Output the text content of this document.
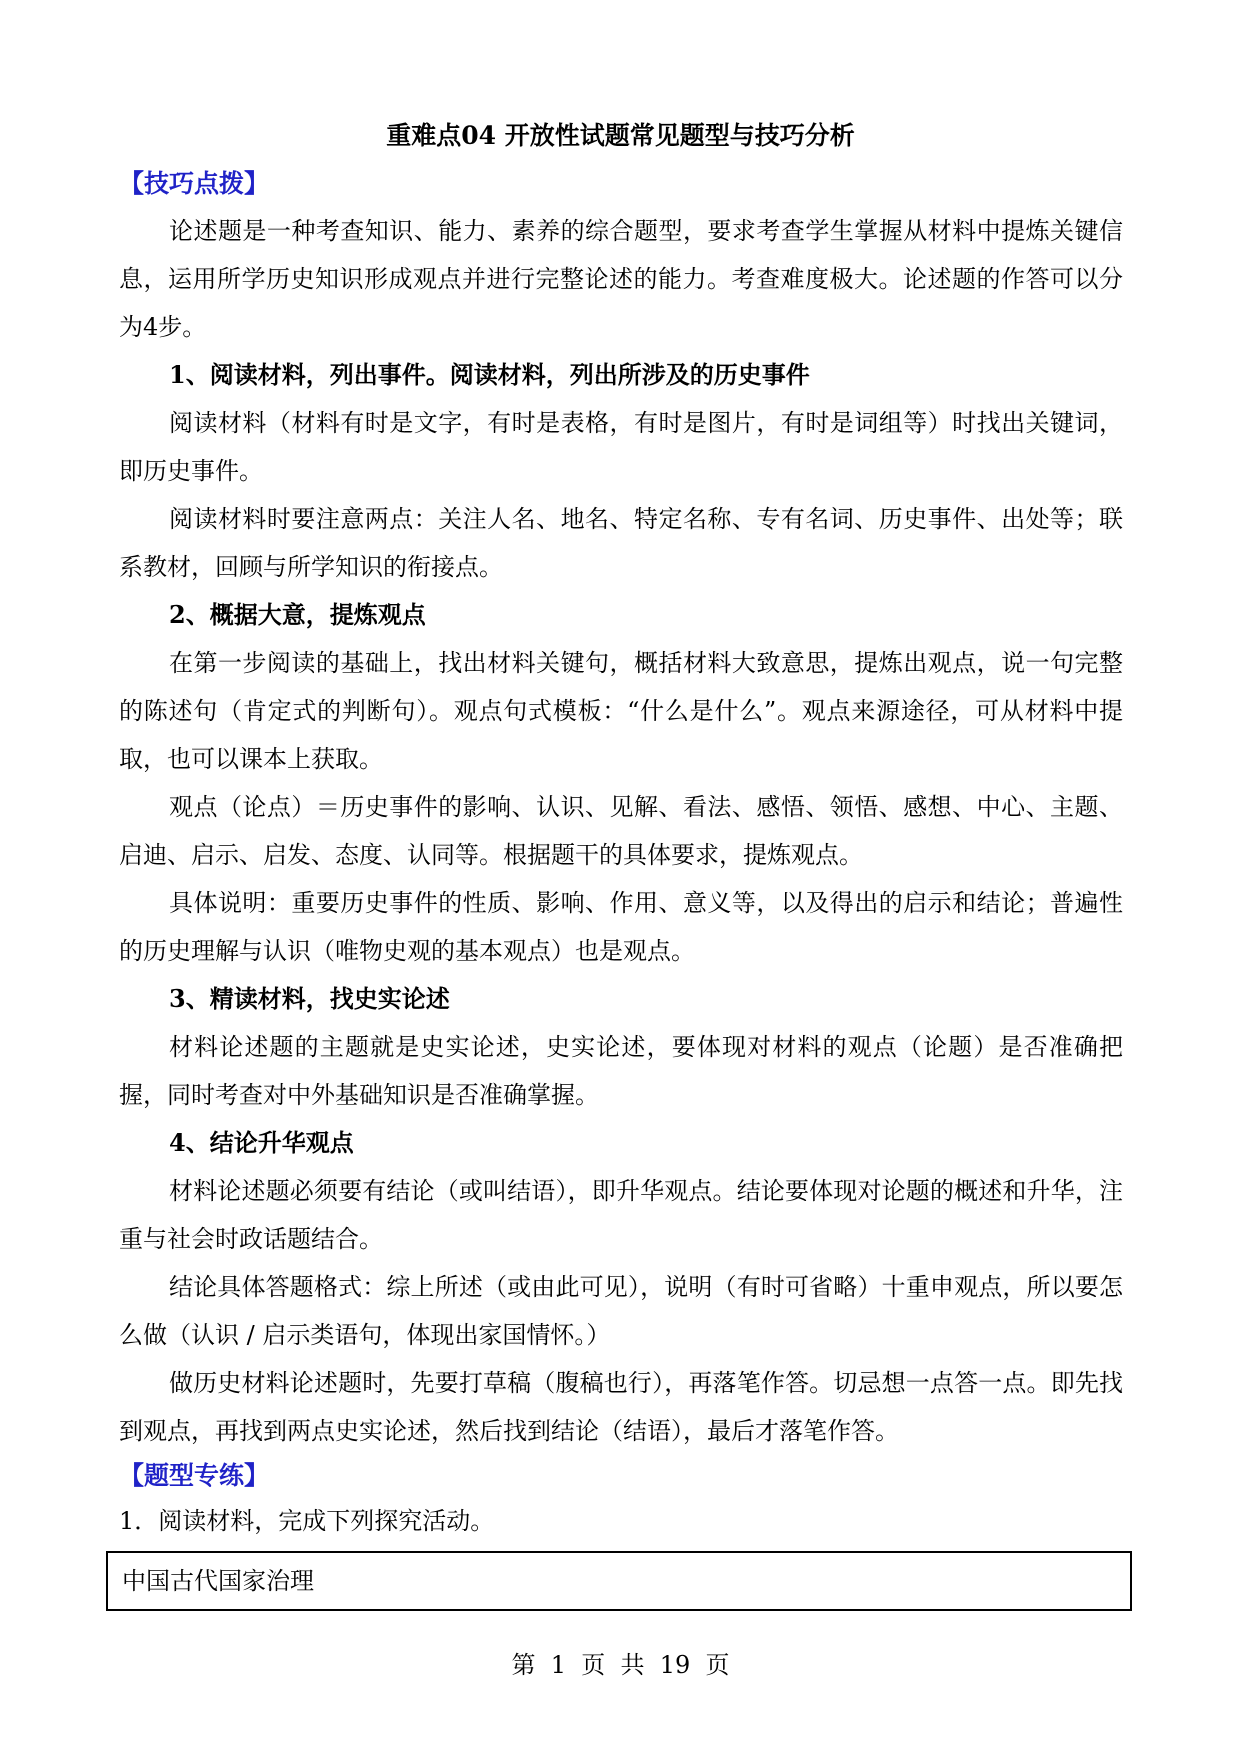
重难点04 开放性试题常见题型与技巧分析
【技巧点拨】

论述题是一种考查知识、能力、素养的综合题型，要求考查学生掌握从材料中提炼关键信息，运用所学历史知识形成观点并进行完整论述的能力。考查难度极大。论述题的作答可以分为4步。

1、阅读材料，列出事件。阅读材料，列出所涉及的历史事件

阅读材料（材料有时是文字，有时是表格，有时是图片，有时是词组等）时找出关键词，即历史事件。

阅读材料时要注意两点：关注人名、地名、特定名称、专有名词、历史事件、出处等；联系教材，回顾与所学知识的衔接点。

2、概据大意，提炼观点

在第一步阅读的基础上，找出材料关键句，概括材料大致意思，提炼出观点，说一句完整的陈述句（肯定式的判断句）。观点句式模板：“什么是什么”。观点来源途径，可从材料中提取，也可以课本上获取。

观点（论点）＝历史事件的影响、认识、见解、看法、感悟、领悟、感想、中心、主题、启迪、启示、启发、态度、认同等。根据题干的具体要求，提炼观点。

具体说明：重要历史事件的性质、影响、作用、意义等，以及得出的启示和结论；普遍性的历史理解与认识（唯物史观的基本观点）也是观点。

3、精读材料，找史实论述

材料论述题的主题就是史实论述，史实论述，要体现对材料的观点（论题）是否准确把握，同时考查对中外基础知识是否准确掌握。

4、结论升华观点

材料论述题必须要有结论（或叫结语），即升华观点。结论要体现对论题的概述和升华，注重与社会时政话题结合。

结论具体答题格式：综上所述（或由此可见），说明（有时可省略）十重申观点，所以要怎么做（认识 / 启示类语句，体现出家国情怀。）

做历史材料论述题时，先要打草稿（腹稿也行），再落笔作答。切忌想一点答一点。即先找到观点，再找到两点史实论述，然后找到结论（结语），最后才落笔作答。

【题型专练】
1．阅读材料，完成下列探究活动。
中国古代国家治理
第  1  页  共  19  页
